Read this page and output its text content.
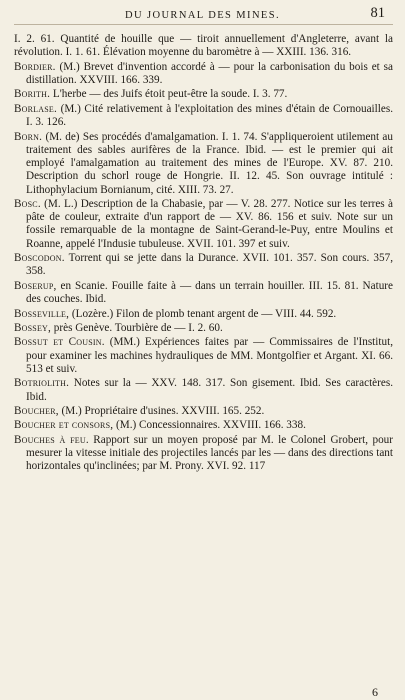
DU JOURNAL DES MINES.	81

I. 2. 61. Quantité de houille que — tiroit annuellement d'Angleterre, avant la révolution. I. 1. 61. Élévation moyenne du baromètre à — XXIII. 136. 316.

Bordier. (M.) Brevet d'invention accordé à — pour la carbonisation du bois et sa distillation. XXVIII. 166. 339.

Borith. L'herbe — des Juifs étoit peut-être la soude. I. 3. 77.

Borlase. (M.) Cité relativement à l'exploitation des mines d'étain de Cornouailles. I. 3. 126.

Born. (M. de) Ses procédés d'amalgamation. I. 1. 74. S'appliqueroient utilement au traitement des sables aurifères de la France. Ibid. — est le premier qui ait employé l'amalgamation au traitement des mines de l'Europe. XV. 87. 210. Description du schorl rouge de Hongrie. II. 12. 45. Son ouvrage intitulé : Lithophylacium Bornianum, cité. XIII. 73. 27.

Bosc. (M. L.) Description de la Chabasie, par — V. 28. 277. Notice sur les terres à pâte de couleur, extraite d'un rapport de — XV. 86. 156 et suiv. Note sur un fossile remarquable de la montagne de Saint-Gerand-le-Puy, entre Moulins et Roanne, appelé l'Indusie tubuleuse. XVII. 101. 397 et suiv.

Boscodon. Torrent qui se jette dans la Durance. XVII. 101. 357. Son cours. 357, 358.

Boserup, en Scanie. Fouille faite à — dans un terrain houiller. III. 15. 81. Nature des couches. Ibid.

Bosseville, (Lozère.) Filon de plomb tenant argent de — VIII. 44. 592.

Bossey, près Genève. Tourbière de — I. 2. 60.

Bossut et Cousin. (MM.) Expériences faites par — Commissaires de l'Institut, pour examiner les machines hydrauliques de MM. Montgolfier et Argant. XI. 66. 513 et suiv.

Botriolith. Notes sur la — XXV. 148. 317. Son gisement. Ibid. Ses caractères. Ibid.

Boucher, (M.) Propriétaire d'usines. XXVIII. 165. 252.

Boucher et consors, (M.) Concessionnaires. XXVIII. 166. 338.

Bouches à feu. Rapport sur un moyen proposé par M. le Colonel Grobert, pour mesurer la vitesse initiale des projectiles lancés par les — dans des directions tant horizontales qu'inclinées; par M. Prony. XVI. 92. 117

6
